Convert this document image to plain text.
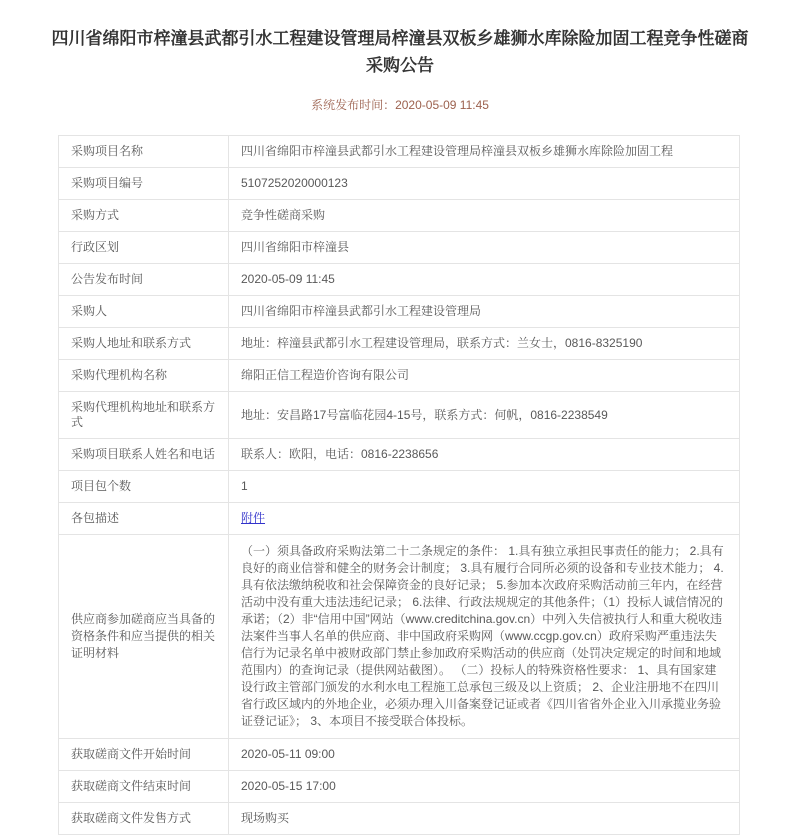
四川省绵阳市梓潼县武都引水工程建设管理局梓潼县双板乡雄狮水库除险加固工程竞争性磋商采购公告
系统发布时间：2020-05-09 11:45
采购项目名称	四川省绵阳市梓潼县武都引水工程建设管理局梓潼县双板乡雄狮水库除险加固工程
采购项目编号	5107252020000123
采购方式	竞争性磋商采购
行政区划	四川省绵阳市梓潼县
公告发布时间	2020-05-09 11:45
采购人	四川省绵阳市梓潼县武都引水工程建设管理局
采购人地址和联系方式	地址：梓潼县武都引水工程建设管理局，联系方式：兰女士，0816-8325190
采购代理机构名称	绵阳正信工程造价咨询有限公司
采购代理机构地址和联系方式	地址：安昌路17号富临花园4-15号，联系方式：何帆，0816-2238549
采购项目联系人姓名和电话	联系人：欧阳，电话：0816-2238656
项目包个数	1
各包描述	附件
供应商参加磋商应当具备的资格条件和应当提供的相关证明材料	（一）须具备政府采购法第二十二条规定的条件： 1.具有独立承担民事责任的能力； 2.具有良好的商业信誉和健全的财务会计制度； 3.具有履行合同所必须的设备和专业技术能力； 4.具有依法缴纳税收和社会保障资金的良好记录； 5.参加本次政府采购活动前三年内，在经营活动中没有重大违法违纪记录； 6.法律、行政法规规定的其他条件；（1）投标人诚信情况的承诺；（2）非“信用中国”网站（www.creditchina.gov.cn）中列入失信被执行人和重大税收违法案件当事人名单的供应商、非中国政府采购网（www.ccgp.gov.cn）政府采购严重违法失信行为记录名单中被财政部门禁止参加政府采购活动的供应商（处罚决定规定的时间和地域范围内）的查询记录（提供网站截图）。 （二）投标人的特殊资格性要求： 1、具有国家建设行政主管部门颁发的水利水电工程施工总承包三级及以上资质； 2、企业注册地不在四川省行政区域内的外地企业，必须办理入川备案登记证或者《四川省省外企业入川承揽业务验证登记证》； 3、本项目不接受联合体投标。
获取磋商文件开始时间	2020-05-11 09:00
获取磋商文件结束时间	2020-05-15 17:00
获取磋商文件发售方式	现场购买
